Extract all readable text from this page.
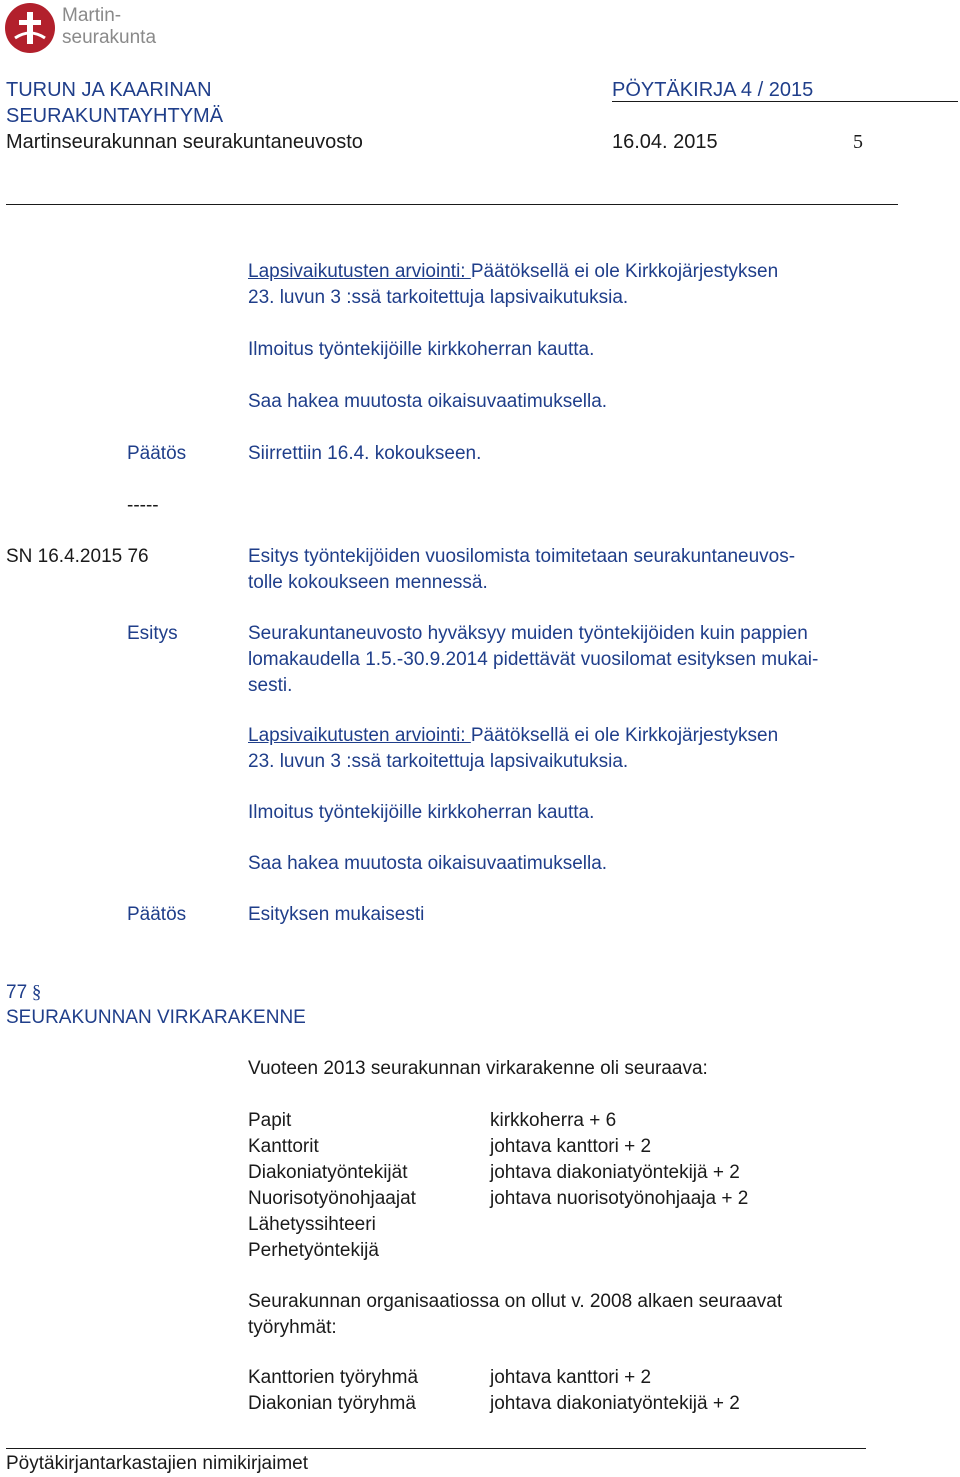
Martin-
seurakunta
TURUN JA KAARINAN
SEURAKUNTAYHTYMÄ
PÖYTÄKIRJA 4 / 2015
Martinseurakunnan seurakuntaneuvosto	16.04. 2015	5
Lapsivaikutusten arviointi: Päätöksellä ei ole Kirkkojärjestyksen
23. luvun 3 :ssä tarkoitettuja lapsivaikutuksia.
Ilmoitus työntekijöille kirkkoherran kautta.
Saa hakea muutosta oikaisuvaatimuksella.
Päätös	Siirrettiin 16.4. kokoukseen.
-----
SN 16.4.2015 76	Esitys työntekijöiden vuosilomista toimitetaan seurakuntaneuvos-
tolle kokoukseen mennessä.
Esitys	Seurakuntaneuvosto hyväksyy muiden työntekijöiden kuin pappien
lomakaudella 1.5.-30.9.2014 pidettävät vuosilomat esityksen mukai-
sesti.
Lapsivaikutusten arviointi: Päätöksellä ei ole Kirkkojärjestyksen
23. luvun 3 :ssä tarkoitettuja lapsivaikutuksia.
Ilmoitus työntekijöille kirkkoherran kautta.
Saa hakea muutosta oikaisuvaatimuksella.
Päätös	Esityksen mukaisesti
77 §
SEURAKUNNAN VIRKARAKENNE
Vuoteen 2013 seurakunnan virkarakenne oli seuraava:
Papit	kirkkoherra + 6
Kanttorit	johtava kanttori + 2
Diakoniatyöntekijät	johtava diakoniatyöntekijä + 2
Nuorisotyönohjaajat	johtava nuorisotyönohjaaja + 2
Lähetyssihteeri
Perhetyöntekijä
Seurakunnan organisaatiossa on ollut v. 2008 alkaen seuraavat
työryhmät:
Kanttorien työryhmä	johtava kanttori + 2
Diakonian työryhmä	johtava diakoniatyöntekijä + 2
Pöytäkirjantarkastajien nimikirjaimet
